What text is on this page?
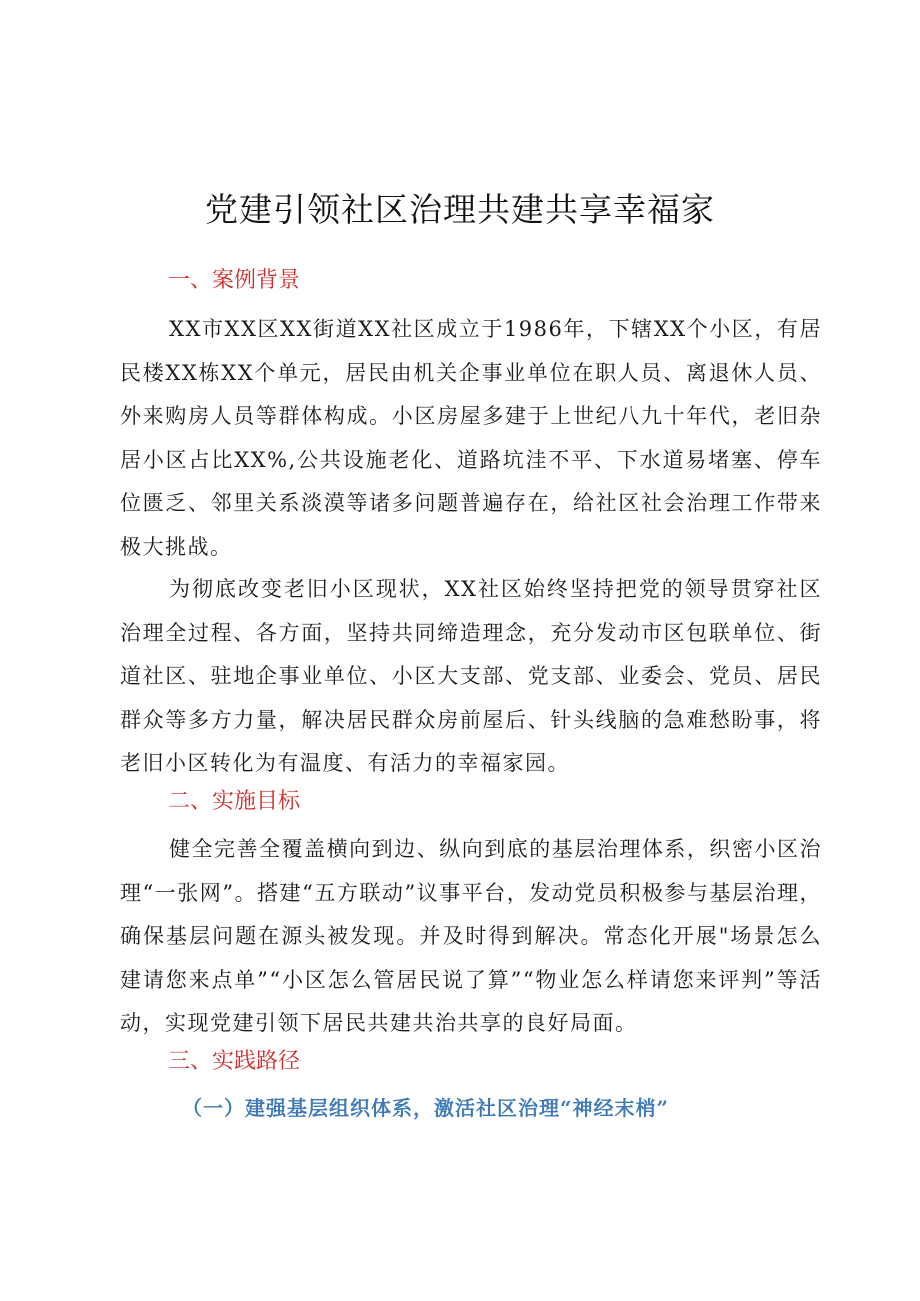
党建引领社区治理共建共享幸福家
一、案例背景

XX市XX区XX街道XX社区成立于1986年，下辖XX个小区，有居民楼XX栋XX个单元，居民由机关企事业单位在职人员、离退休人员、外来购房人员等群体构成。小区房屋多建于上世纪八九十年代，老旧杂居小区占比XX%,公共设施老化、道路坑洼不平、下水道易堵塞、停车位匮乏、邻里关系淡漠等诸多问题普遍存在，给社区社会治理工作带来极大挑战。

为彻底改变老旧小区现状，XX社区始终坚持把党的领导贯穿社区治理全过程、各方面，坚持共同缔造理念，充分发动市区包联单位、街道社区、驻地企事业单位、小区大支部、党支部、业委会、党员、居民群众等多方力量，解决居民群众房前屋后、针头线脑的急难愁盼事，将老旧小区转化为有温度、有活力的幸福家园。

二、实施目标

健全完善全覆盖横向到边、纵向到底的基层治理体系，织密小区治理“一张网”。搭建“五方联动”议事平台，发动党员积极参与基层治理，确保基层问题在源头被发现。并及时得到解决。常态化开展"场景怎么建请您来点单”“小区怎么管居民说了算”“物业怎么样请您来评判”等活动，实现党建引领下居民共建共治共享的良好局面。

三、实践路径
（一）建强基层组织体系，激活社区治理“神经末梢”
